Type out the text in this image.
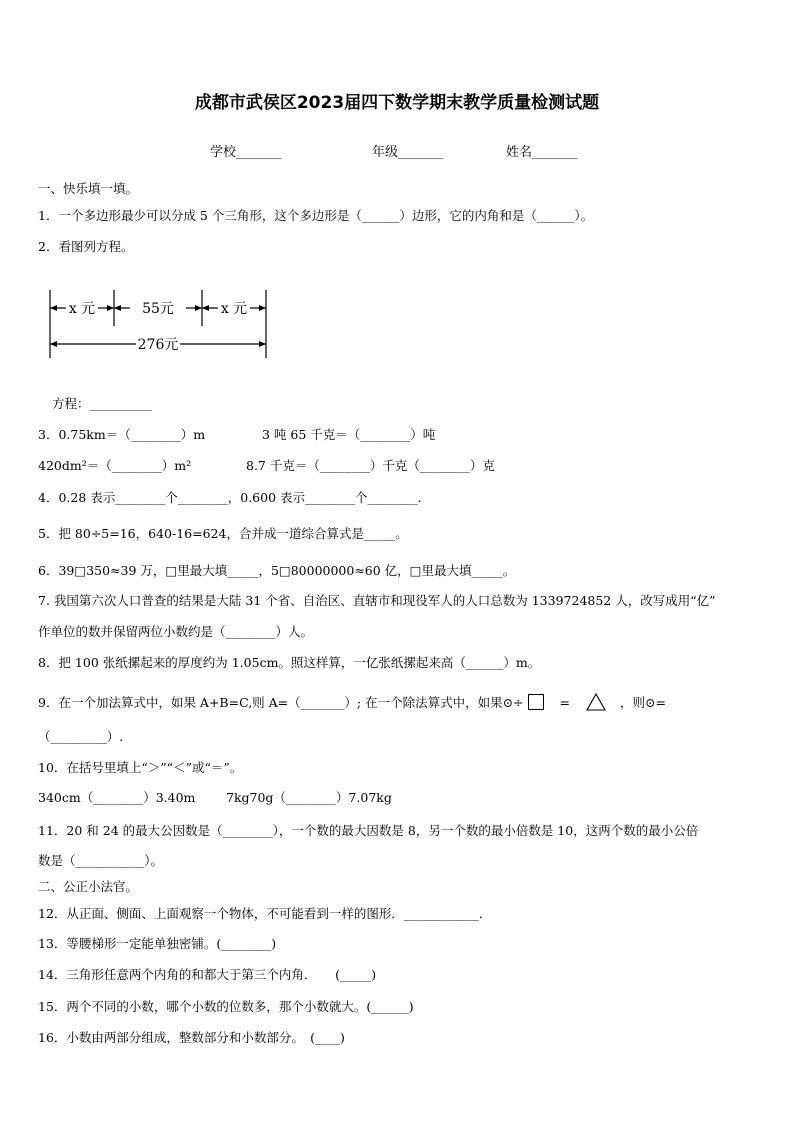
成都市武侯区2023届四下数学期末教学质量检测试题
学校_______	年级_______	姓名_______
一、快乐填一填。
1．一个多边形最少可以分成 5 个三角形，这个多边形是（______）边形，它的内角和是（______）。
2．看图列方程。
x 元	55元	x 元
276元
方程：__________
3．0.75km＝（________）m	3 吨 65 千克＝（________）吨
420dm²＝（________）m²	8.7 千克＝（________）千克（________）克
4．0.28 表示________个________，0.600 表示________个________.
5．把 80÷5=16，640-16=624，合并成一道综合算式是_____。
6．39□350≈39 万，□里最大填_____，5□80000000≈60 亿，□里最大填_____。
7. 我国第六次人口普查的结果是大陆 31 个省、自治区、直辖市和现役军人的人口总数为 1339724852 人，改写成用“亿”
作单位的数并保留两位小数约是（________）人。
8．把 100 张纸摞起来的厚度约为 1.05cm。照这样算，一亿张纸摞起来高（______）m。
9．在一个加法算式中，如果 A+B=C,则 A=（_______）; 在一个除法算式中，如果⊙÷	=	，则⊙=
（_________）.
10．在括号里填上“＞”“＜”或“＝”。
340cm（________）3.40m 7kg70g（________）7.07kg
11．20 和 24 的最大公因数是（________），一个数的最大因数是 8，另一个数的最小倍数是 10，这两个数的最小公倍
数是（___________）。
二、公正小法官。
12．从正面、侧面、上面观察一个物体，不可能看到一样的图形．____________．
13．等腰梯形一定能单独密铺。(________)
14．三角形任意两个内角的和都大于第三个内角．　　(_____)
15．两个不同的小数，哪个小数的位数多，那个小数就大。(______)
16．小数由两部分组成，整数部分和小数部分。　(____)
